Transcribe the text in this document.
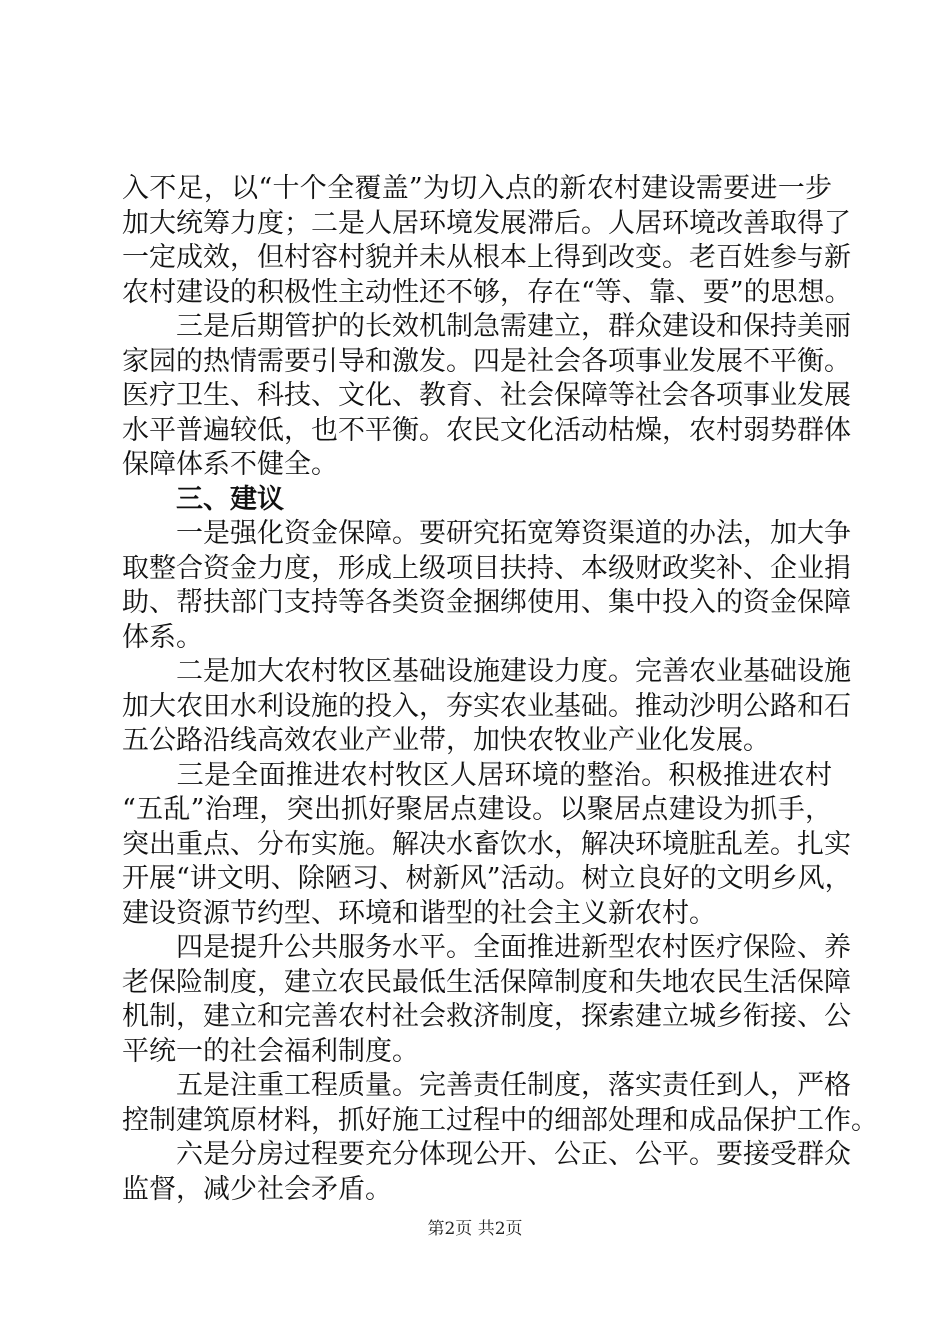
入不足，以“十个全覆盖”为切入点的新农村建设需要进一步
加大统筹力度；二是人居环境发展滞后。人居环境改善取得了
一定成效，但村容村貌并未从根本上得到改变。老百姓参与新
农村建设的积极性主动性还不够，存在“等、靠、要”的思想。
　　三是后期管护的长效机制急需建立，群众建设和保持美丽
家园的热情需要引导和激发。四是社会各项事业发展不平衡。
医疗卫生、科技、文化、教育、社会保障等社会各项事业发展
水平普遍较低，也不平衡。农民文化活动枯燥，农村弱势群体
保障体系不健全。
　　三、建议
　　一是强化资金保障。要研究拓宽筹资渠道的办法，加大争
取整合资金力度，形成上级项目扶持、本级财政奖补、企业捐
助、帮扶部门支持等各类资金捆绑使用、集中投入的资金保障
体系。
　　二是加大农村牧区基础设施建设力度。完善农业基础设施
加大农田水利设施的投入，夯实农业基础。推动沙明公路和石
五公路沿线高效农业产业带，加快农牧业产业化发展。
　　三是全面推进农村牧区人居环境的整治。积极推进农村
“五乱”治理，突出抓好聚居点建设。以聚居点建设为抓手，
突出重点、分布实施。解决水畜饮水，解决环境脏乱差。扎实
开展“讲文明、除陋习、树新风”活动。树立良好的文明乡风，
建设资源节约型、环境和谐型的社会主义新农村。
　　四是提升公共服务水平。全面推进新型农村医疗保险、养
老保险制度，建立农民最低生活保障制度和失地农民生活保障
机制，建立和完善农村社会救济制度，探索建立城乡衔接、公
平统一的社会福利制度。
　　五是注重工程质量。完善责任制度，落实责任到人，严格
控制建筑原材料，抓好施工过程中的细部处理和成品保护工作。
　　六是分房过程要充分体现公开、公正、公平。要接受群众
监督，减少社会矛盾。
第2页 共2页
